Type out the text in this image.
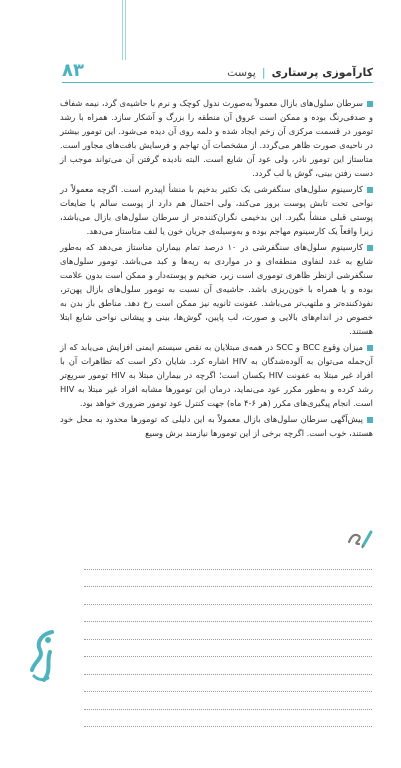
۸۳	کارآموزی پرستاری|پوست

سرطان سلول‌های بازال معمولاً به‌صورت ندول کوچک و نرم با حاشیه‌ی گرد، نیمه شفاف و صدفی‌رنگ بوده و ممکن است عروق آن منطقه را بزرگ و آشکار سازد. همراه با رشد تومور در قسمت مرکزی آن زخم ایجاد شده و دلمه روی آن دیده می‌شود. این تومور بیشتر در ناحیه‌ی صورت ظاهر می‌گردد. از مشخصات آن تهاجم و فرسایش بافت‌های مجاور است. متاستاز این تومور نادر، ولی عود آن شایع است. البته نادیده گرفتن آن می‌تواند موجب از دست رفتن بینی، گوش یا لب گردد.

کارسینوم سلول‌های سنگفرشی یک تکثیر بدخیم با منشأ اپیدرم است. اگرچه معمولاً در نواحی تحت تابش پوست بروز می‌کند، ولی احتمال هم دارد از پوست سالم یا ضایعات پوستی قبلی منشأ بگیرد. این بدخیمی نگران‌کننده‌تر از سرطان سلول‌های بازال می‌باشد، زیرا واقعاً یک کارسینوم مهاجم بوده و به‌وسیله‌ی جریان خون یا لنف متاستاز می‌دهد.

کارسینوم سلول‌های سنگفرشی در ۱۰ درصد تمام بیماران متاستاز می‌دهد که به‌طور شایع به غدد لنفاوی منطقه‌ای و در مواردی به ریه‌ها و کبد می‌باشد. تومور سلول‌های سنگفرشی ازنظر ظاهری توموری است زبر، ضخیم و پوسته‌دار و ممکن است بدون علامت بوده و یا همراه با خون‌ریزی باشد. حاشیه‌ی آن نسبت به تومور سلول‌های بازال پهن‌تر، نفوذکننده‌تر و ملتهب‌تر می‌باشد. عفونت ثانویه نیز ممکن است رخ دهد. مناطق باز بدن به خصوص در اندام‌های بالایی و صورت، لب پایین، گوش‌ها، بینی و پیشانی نواحی شایع ابتلا هستند.

میزان وقوع BCC و SCC در همه‌ی مبتلایان به نقص سیستم ایمنی افزایش می‌یابد که از آن‌جمله می‌توان به آلوده‌شدگان به HIV اشاره کرد. شایان ذکر است که تظاهرات آن با افراد غیر مبتلا به عفونت HIV یکسان است؛ اگرچه در بیماران مبتلا به HIV تومور سریع‌تر رشد کرده و به‌طور مکرر عود می‌نماید، درمان این تومورها مشابه افراد غیر مبتلا به HIV است. انجام پیگیری‌های مکرر (هر ۶-۴ ماه) جهت کنترل عود تومور ضروری خواهد بود.

پیش‌آگهی سرطان سلول‌های بازال معمولاً به این دلیلی که تومورها محدود به محل خود هستند، خوب است. اگرچه برخی از این تومورها نیازمند برش وسیع
